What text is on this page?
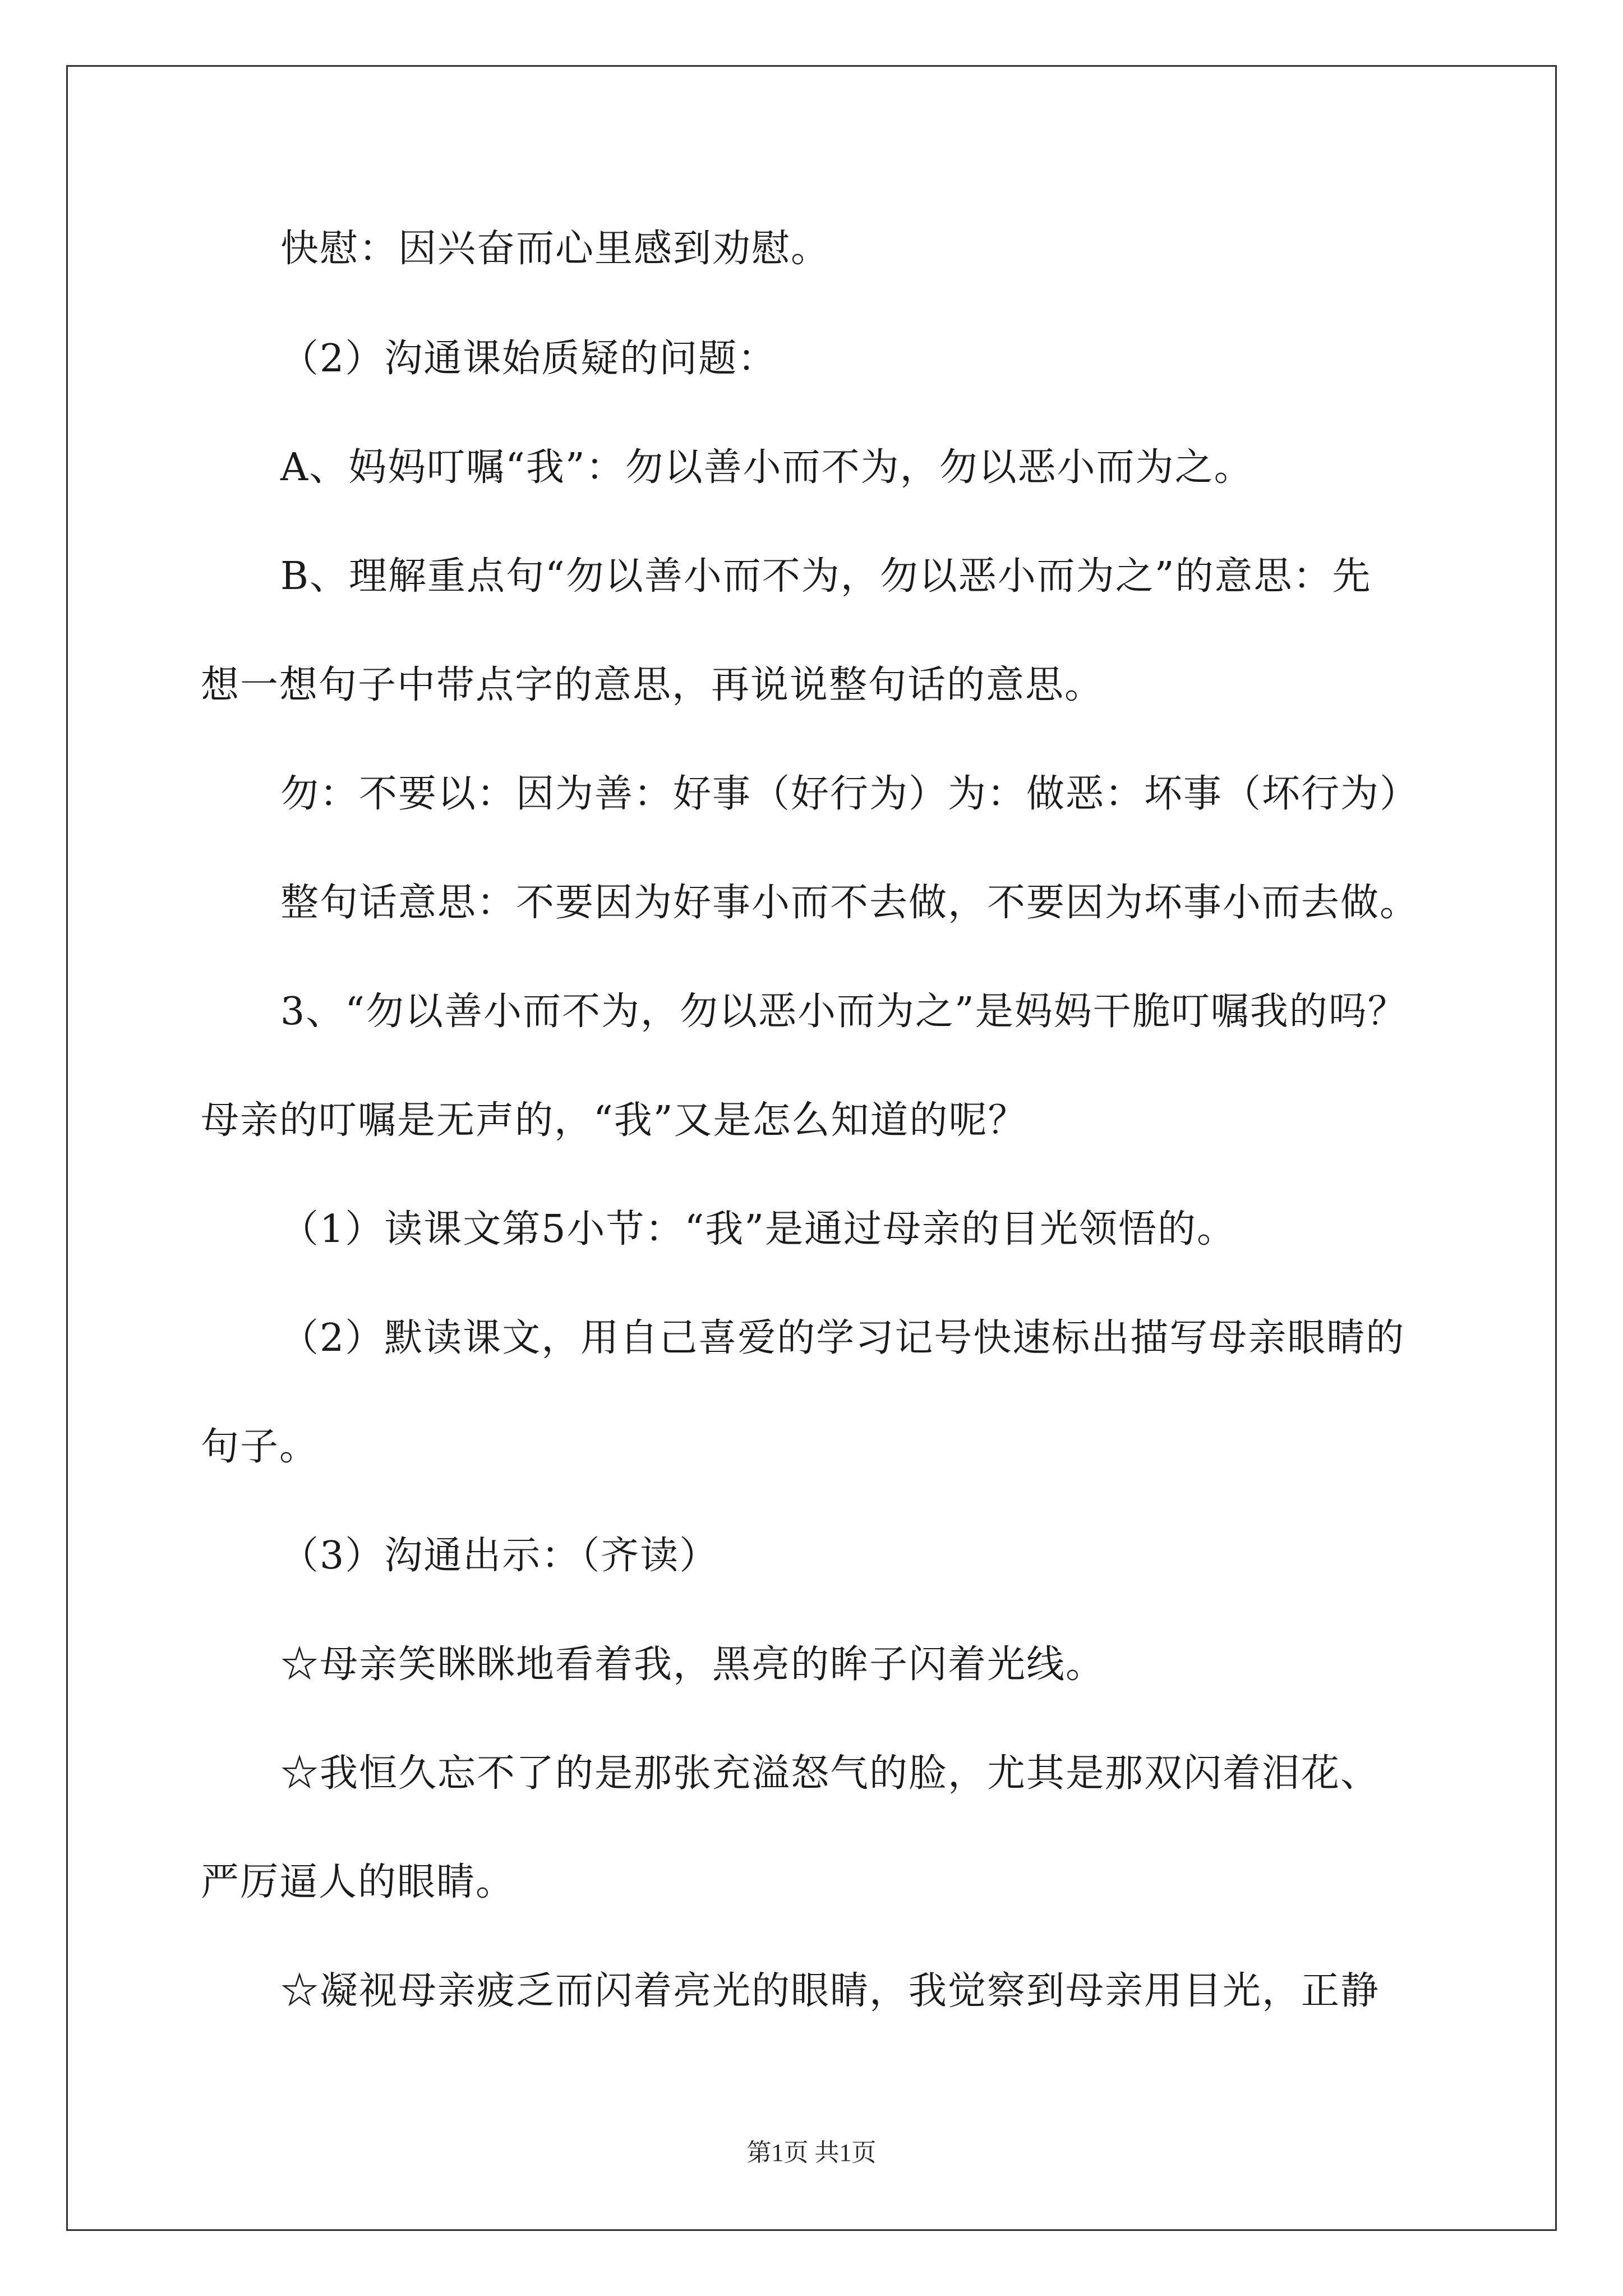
快慰：因兴奋而心里感到劝慰。
（2）沟通课始质疑的问题：
A、妈妈叮嘱“我”：勿以善小而不为，勿以恶小而为之。
B、理解重点句“勿以善小而不为，勿以恶小而为之”的意思：先
想一想句子中带点字的意思，再说说整句话的意思。
勿：不要以：因为善：好事（好行为）为：做恶：坏事（坏行为）
整句话意思：不要因为好事小而不去做，不要因为坏事小而去做。
3、“勿以善小而不为，勿以恶小而为之”是妈妈干脆叮嘱我的吗？
母亲的叮嘱是无声的，“我”又是怎么知道的呢？
（1）读课文第5小节：“我”是通过母亲的目光领悟的。
（2）默读课文，用自己喜爱的学习记号快速标出描写母亲眼睛的
句子。
（3）沟通出示：（齐读）
☆母亲笑眯眯地看着我，黑亮的眸子闪着光线。
☆我恒久忘不了的是那张充溢怒气的脸，尤其是那双闪着泪花、
严厉逼人的眼睛。
☆凝视母亲疲乏而闪着亮光的眼睛，我觉察到母亲用目光，正静
第1页 共1页
